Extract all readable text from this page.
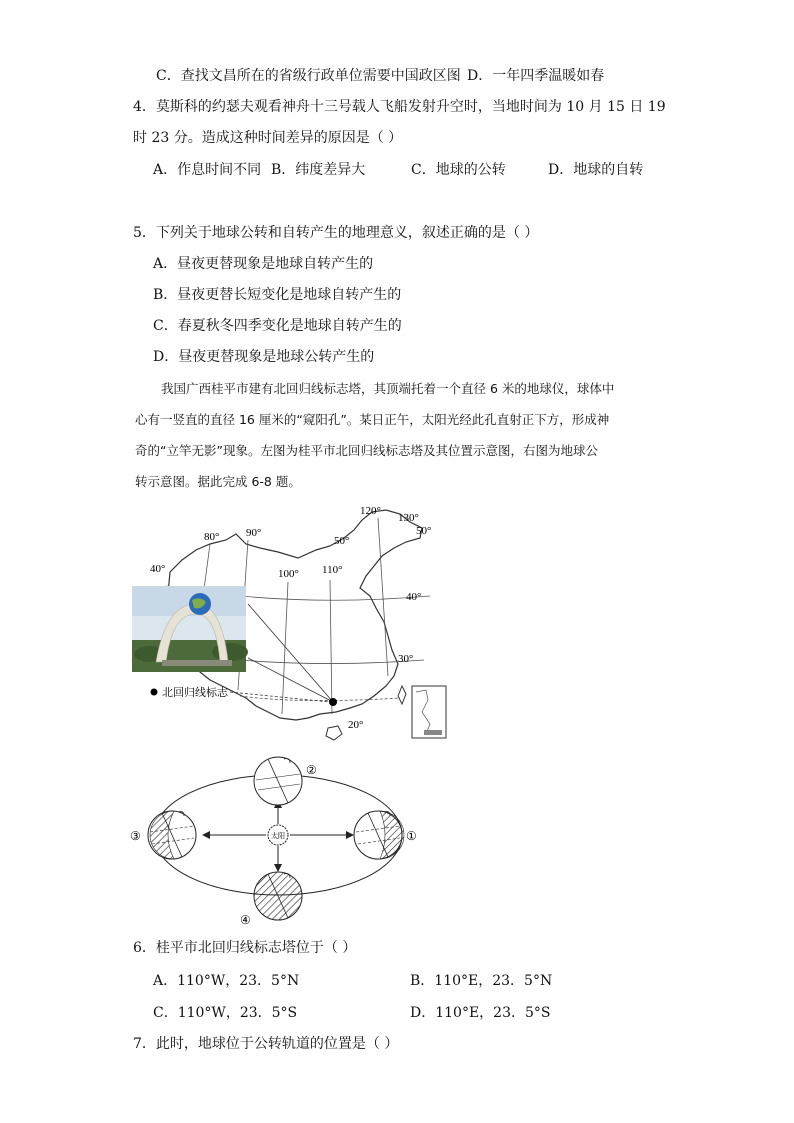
C．查找文昌所在的省级行政单位需要中国政区图 D．一年四季温暖如春
4．莫斯科的约瑟夫观看神舟十三号载人飞船发射升空时，当地时间为 10 月 15 日 19
时 23 分。造成这种时间差异的原因是（ ）
A．作息时间不同 B．纬度差异大	C．地球的公转	D．地球的自转
5．下列关于地球公转和自转产生的地理意义，叙述正确的是（ ）
A．昼夜更替现象是地球自转产生的
B．昼夜更替长短变化是地球自转产生的
C．春夏秋冬四季变化是地球自转产生的
D．昼夜更替现象是地球公转产生的
我国广西桂平市建有北回归线标志塔，其顶端托着一个直径 6 米的地球仪，球体中
心有一竖直的直径 16 厘米的“窥阳孔”。某日正午，太阳光经此孔直射正下方，形成神
奇的“立竿无影”现象。左图为桂平市北回归线标志塔及其位置示意图，右图为地球公
转示意图。据此完成 6-8 题。
80° 90°
100° 110°
120°
130°
50°
50°
40°
40°
30°
20°
北回归线标志
太阳
②
①
③
④
6．桂平市北回归线标志塔位于（ ）
A．110°W，23．5°N	B．110°E，23．5°N
C．110°W，23．5°S	D．110°E，23．5°S
7．此时，地球位于公转轨道的位置是（ ）
